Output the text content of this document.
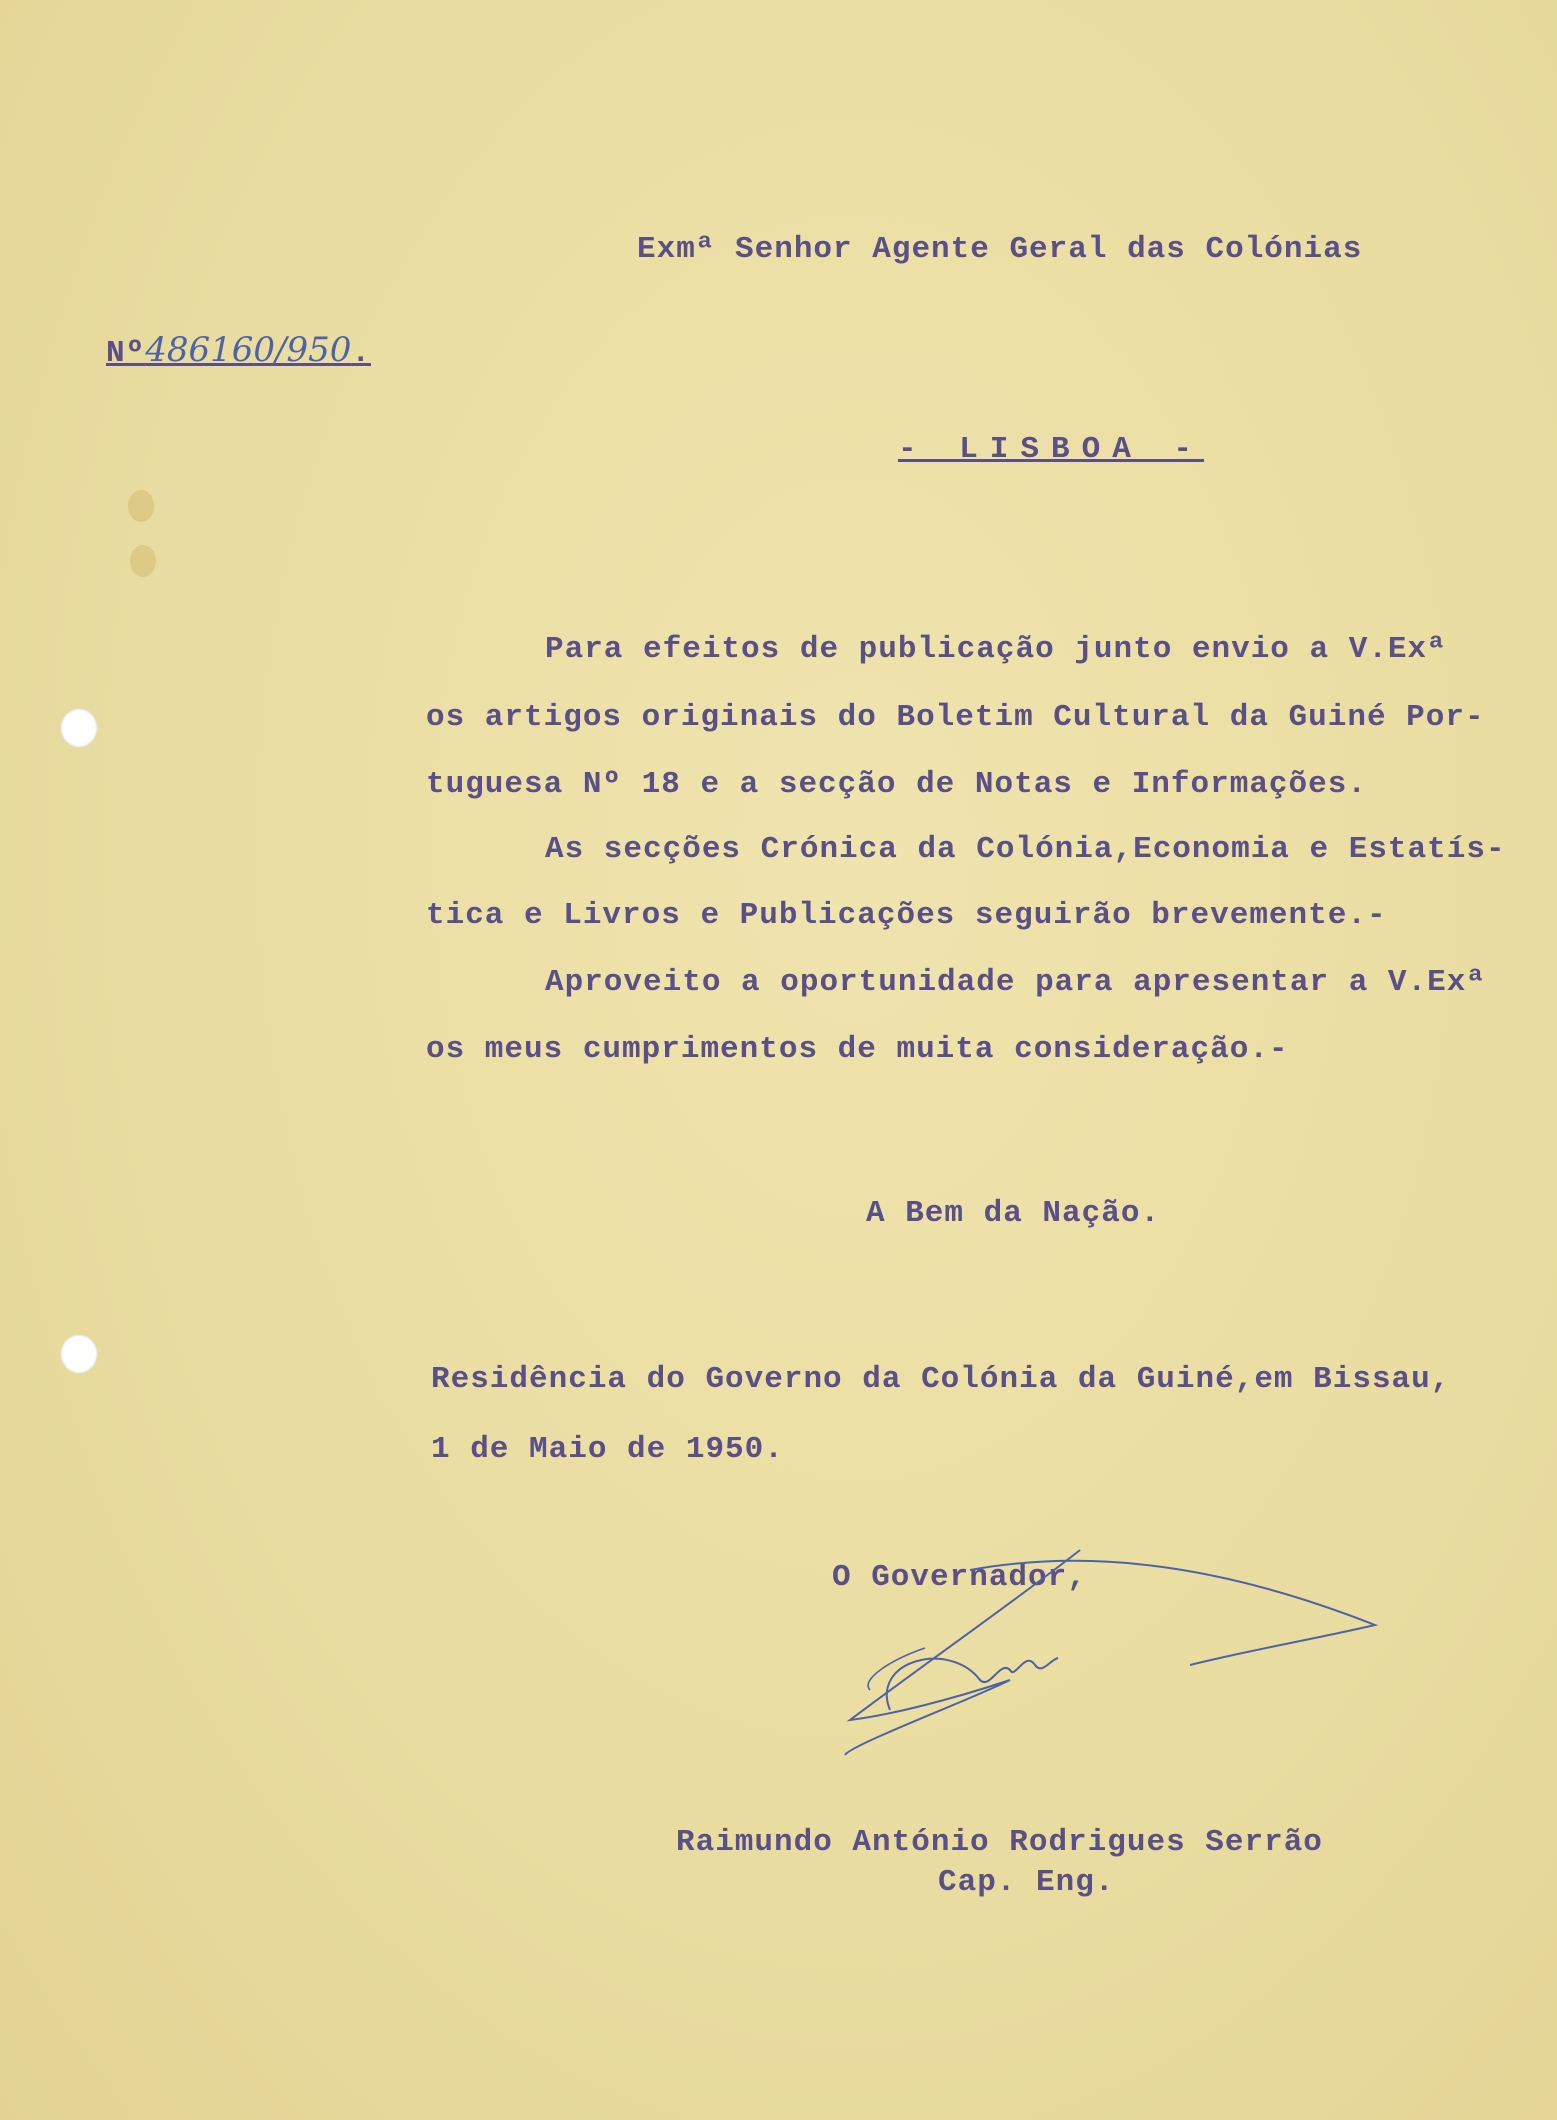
Exmª Senhor Agente Geral das Colónias

Nº486160/950.

- LISBOA -

Para efeitos de publicação junto envio a V.Exª

os artigos originais do Boletim Cultural da Guiné Por-

tuguesa Nº 18 e a secção de Notas e Informações.

As secções Crónica da Colónia,Economia e Estatís-

tica e Livros e Publicações seguirão brevemente.-

Aproveito a oportunidade para apresentar a V.Exª

os meus cumprimentos de muita consideração.-

A Bem da Nação.

Residência do Governo da Colónia da Guiné,em Bissau,

1 de Maio de 1950.

O Governador,

Raimundo António Rodrigues Serrão

Cap. Eng.
